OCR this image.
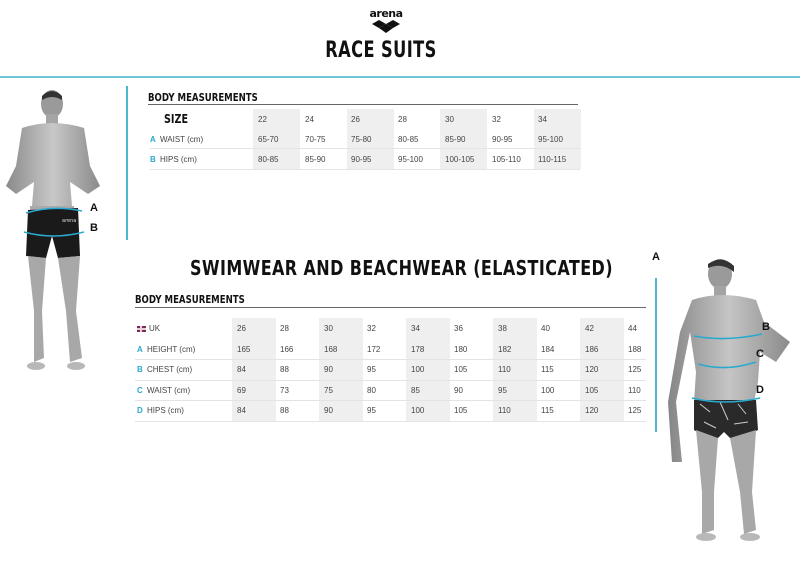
arena
RACE SUITS
arena
A
B
BODY MEASUREMENTS
SIZE	22	24	26	28	30	32	34
A WAIST (cm)	65-70	70-75	75-80	80-85	85-90	90-95	95-100
B HIPS (cm)	80-85	85-90	90-95	95-100	100-105 105-110 110-115
SWIMWEAR AND BEACHWEAR (ELASTICATED)
BODY MEASUREMENTS
UK	26	28	30	32	34	36	38	40	42	44
A HEIGHT (cm)	165	166	168	172	178	180	182	184	186	188
B CHEST (cm)	84	88	90	95	100	105	110	115	120	125
C WAIST (cm)	69	73	75	80	85	90	95	100	105	110
D HIPS (cm)	84	88	90	95	100	105	110	115	120	125
A
B
C
D
